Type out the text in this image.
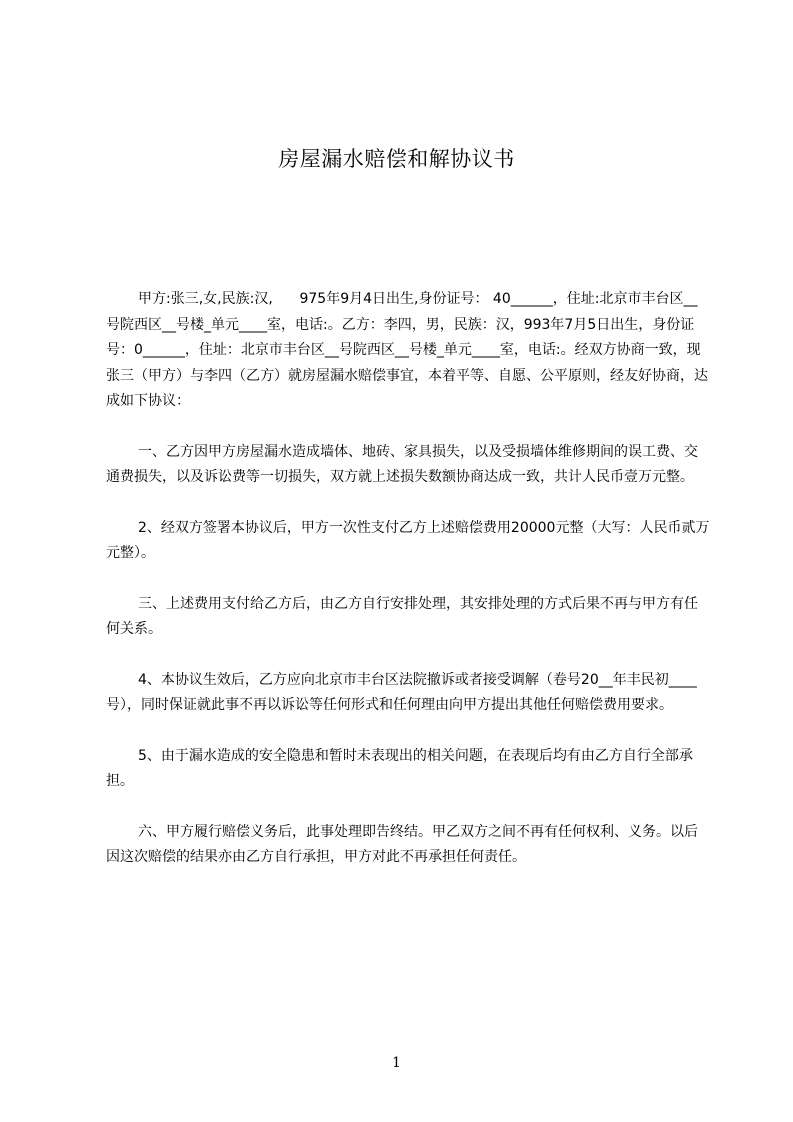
房屋漏水赔偿和解协议书

甲方:张三,女,民族:汉,      975年9月4日出生,身份证号： 40______，住址:北京市丰台区__号院西区__号楼_单元____室，电话:。乙方：李四，男，民族：汉，993年7月5日出生，身份证号：0______，住址：北京市丰台区__号院西区__号楼_单元____室，电话:。经双方协商一致，现张三（甲方）与李四（乙方）就房屋漏水赔偿事宜，本着平等、自愿、公平原则，经友好协商，达成如下协议：

一、乙方因甲方房屋漏水造成墙体、地砖、家具损失，以及受损墙体维修期间的误工费、交通费损失，以及诉讼费等一切损失，双方就上述损失数额协商达成一致，共计人民币壹万元整。

2、经双方签署本协议后，甲方一次性支付乙方上述赔偿费用20000元整（大写：人民币贰万元整）。

三、上述费用支付给乙方后，由乙方自行安排处理，其安排处理的方式后果不再与甲方有任何关系。

4、本协议生效后，乙方应向北京市丰台区法院撤诉或者接受调解（卷号20__年丰民初____号），同时保证就此事不再以诉讼等任何形式和任何理由向甲方提出其他任何赔偿费用要求。

5、由于漏水造成的安全隐患和暂时未表现出的相关问题，在表现后均有由乙方自行全部承担。

六、甲方履行赔偿义务后，此事处理即告终结。甲乙双方之间不再有任何权利、义务。以后因这次赔偿的结果亦由乙方自行承担，甲方对此不再承担任何责任。

1
